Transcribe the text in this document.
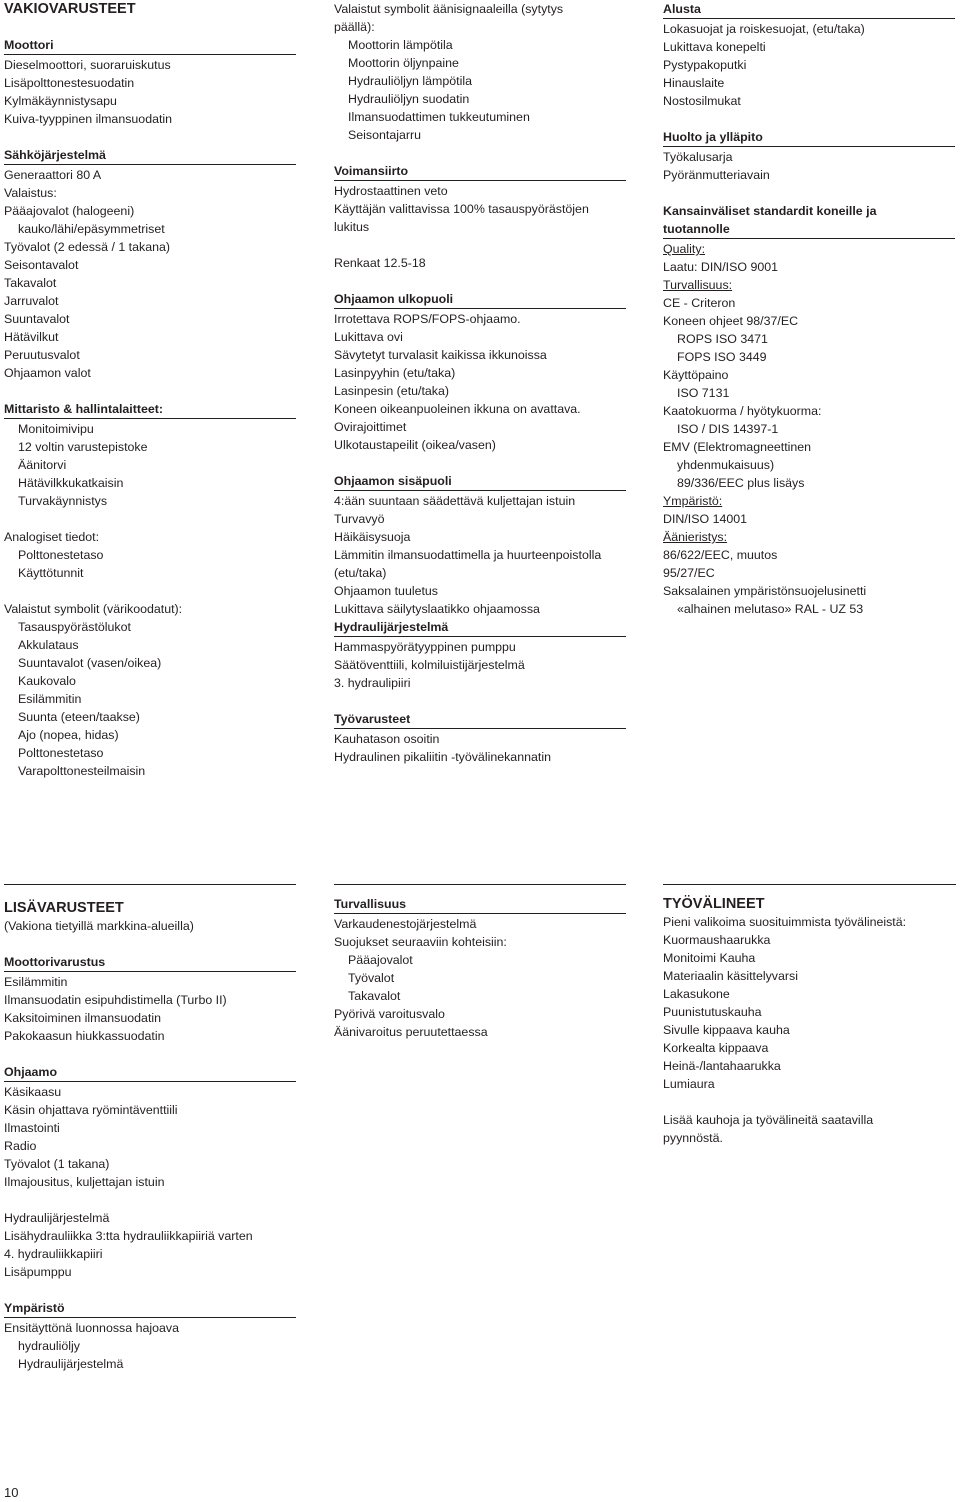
VAKIOVARUSTEET
Moottori
Dieselmoottori, suoraruiskutus
Lisäpolttonestesuodatin
Kylmäkäynnistysapu
Kuiva-tyyppinen ilmansuodatin
Sähköjärjestelmä
Generaattori 80 A
Valaistus:
Pääajovalot (halogeeni)
kauko/lähi/epäsymmetriset
Työvalot (2 edessä / 1 takana)
Seisontavalot
Takavalot
Jarruvalot
Suuntavalot
Hätävilkut
Peruutusvalot
Ohjaamon valot
Mittaristo & hallintalaitteet:
Monitoimivipu
12 voltin varustepistoke
Äänitorvi
Hätävilkkukatkaisin
Turvakäynnistys
Analogiset tiedot:
Polttonestetaso
Käyttötunnit
Valaistut symbolit (värikoodatut):
Tasauspyörästölukot
Akkulataus
Suuntavalot (vasen/oikea)
Kaukovalo
Esilämmitin
Suunta (eteen/taakse)
Ajo (nopea, hidas)
Polttonestetaso
Varapolttonesteilmaisin
Valaistut symbolit äänisignaaleilla (sytytys
päällä):
Moottorin lämpötila
Moottorin öljynpaine
Hydrauliöljyn lämpötila
Hydrauliöljyn suodatin
Ilmansuodattimen tukkeutuminen
Seisontajarru
Voimansiirto
Hydrostaattinen veto
Käyttäjän valittavissa 100% tasauspyörästöjen
lukitus
Renkaat 12.5-18
Ohjaamon ulkopuoli
Irrotettava ROPS/FOPS-ohjaamo.
Lukittava ovi
Sävytetyt turvalasit kaikissa ikkunoissa
Lasinpyyhin (etu/taka)
Lasinpesin (etu/taka)
Koneen oikeanpuoleinen ikkuna on avattava.
Ovirajoittimet
Ulkotaustapeilit (oikea/vasen)
Ohjaamon sisäpuoli
4:ään suuntaan säädettävä kuljettajan istuin
Turvavyö
Häikäisysuoja
Lämmitin ilmansuodattimella ja huurteenpoistolla
(etu/taka)
Ohjaamon tuuletus
Lukittava säilytyslaatikko ohjaamossa
Hydraulijärjestelmä
Hammaspyörätyyppinen pumppu
Säätöventtiili, kolmiluistijärjestelmä
3. hydraulipiiri
Työvarusteet
Kauhatason osoitin
Hydraulinen pikaliitin -työvälinekannatin
Alusta
Lokasuojat ja roiskesuojat, (etu/taka)
Lukittava konepelti
Pystypakoputki
Hinauslaite
Nostosilmukat
Huolto ja ylläpito
Työkalusarja
Pyöränmutteriavain
Kansainväliset standardit koneille ja
tuotannolle
Quality:
Laatu: DIN/ISO 9001
Turvallisuus:
CE - Criteron
Koneen ohjeet 98/37/EC
ROPS ISO 3471
FOPS ISO 3449
Käyttöpaino
ISO 7131
Kaatokuorma / hyötykuorma:
ISO / DIS 14397-1
EMV (Elektromagneettinen
yhdenmukaisuus)
89/336/EEC plus lisäys
Ympäristö:
DIN/ISO 14001
Äänieristys:
86/622/EEC, muutos
95/27/EC
Saksalainen ympäristönsuojelusinetti
«alhainen melutaso» RAL - UZ 53
LISÄVARUSTEET
(Vakiona tietyillä markkina-alueilla)
Moottorivarustus
Esilämmitin
Ilmansuodatin esipuhdistimella (Turbo II)
Kaksitoiminen ilmansuodatin
Pakokaasun hiukkassuodatin
Ohjaamo
Käsikaasu
Käsin ohjattava ryömintäventtiili
Ilmastointi
Radio
Työvalot (1 takana)
Ilmajousitus, kuljettajan istuin
Hydraulijärjestelmä
Lisähydrauliikka 3:tta hydrauliikkapiiriä varten
4. hydrauliikkapiiri
Lisäpumppu
Ympäristö
Ensitäyttönä luonnossa hajoava
hydrauliöljy
Hydraulijärjestelmä
Turvallisuus
Varkaudenestojärjestelmä
Suojukset seuraaviin kohteisiin:
Pääajovalot
Työvalot
Takavalot
Pyörivä varoitusvalo
Äänivaroitus peruutettaessa
TYÖVÄLINEET
Pieni valikoima suosituimmista työvälineistä:
Kuormaushaarukka
Monitoimi Kauha
Materiaalin käsittelyvarsi
Lakasukone
Puunistutuskauha
Sivulle kippaava kauha
Korkealta kippaava
Heinä-/lantahaarukka
Lumiaura
Lisää kauhoja ja työvälineitä saatavilla
pyynnöstä.
10
